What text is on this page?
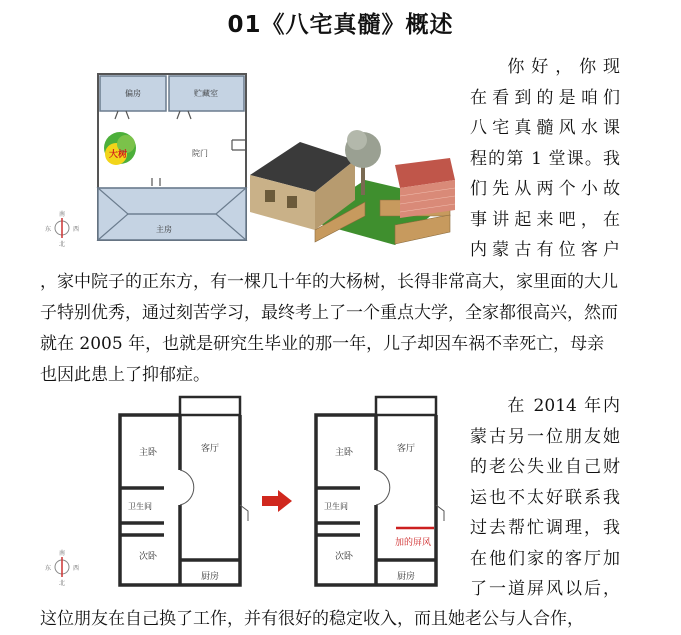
01《八宅真髓》概述
偏房	贮藏室
院门
大树
主房
南
北
东	西
你好，你现
在看到的是咱们
八宅真髓风水课
程的第 1 堂课。我
们先从两个小故
事讲起来吧，在
内蒙古有位客户
，家中院子的正东方，有一棵几十年的大杨树，长得非常高大，家里面的大儿子特别优秀，通过刻苦学习，最终考上了一个重点大学，全家都很高兴，然而就在 2005 年，也就是研究生毕业的那一年，儿子却因车祸不幸死亡，母亲也因此患上了抑郁症。
主卧	客厅
卫生间
次卧
厨房
南
北
东	西
加的屏风
主卧	客厅
卫生间
次卧
厨房
在 2014 年内
蒙古另一位朋友她
的老公失业自己财
运也不太好联系我
过去帮忙调理，我
在他们家的客厅加
了一道屏风以后，
这位朋友在自己换了工作，并有很好的稳定收入，而且她老公与人合作，
